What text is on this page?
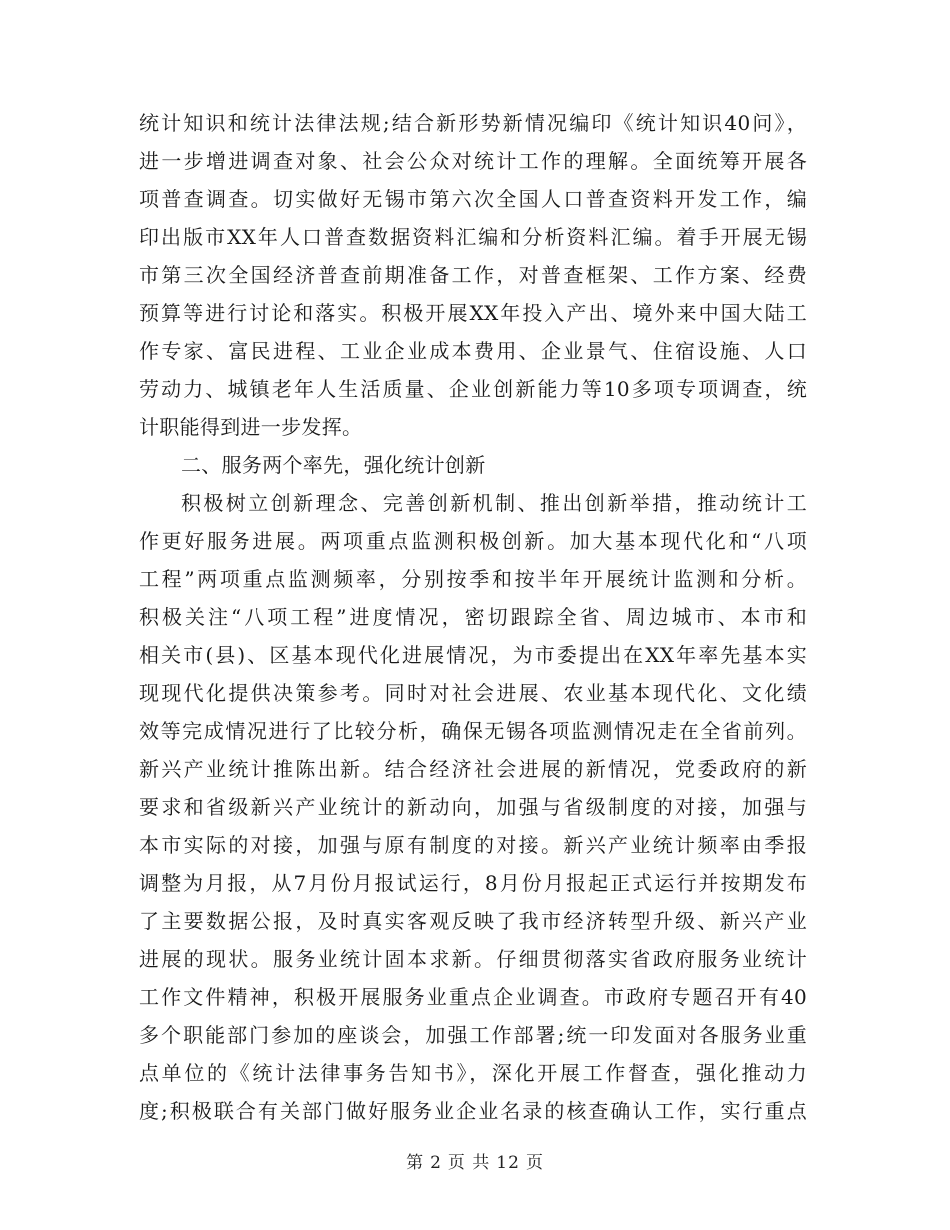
统计知识和统计法律法规;结合新形势新情况编印《统计知识40问》，
进一步增进调查对象、社会公众对统计工作的理解。全面统筹开展各
项普查调查。切实做好无锡市第六次全国人口普查资料开发工作，编
印出版市XX年人口普查数据资料汇编和分析资料汇编。着手开展无锡
市第三次全国经济普查前期准备工作，对普查框架、工作方案、经费
预算等进行讨论和落实。积极开展XX年投入产出、境外来中国大陆工
作专家、富民进程、工业企业成本费用、企业景气、住宿设施、人口
劳动力、城镇老年人生活质量、企业创新能力等10多项专项调查，统
计职能得到进一步发挥。
二、服务两个率先，强化统计创新
积极树立创新理念、完善创新机制、推出创新举措，推动统计工
作更好服务进展。两项重点监测积极创新。加大基本现代化和“八项
工程”两项重点监测频率，分别按季和按半年开展统计监测和分析。
积极关注“八项工程”进度情况，密切跟踪全省、周边城市、本市和
相关市(县)、区基本现代化进展情况，为市委提出在XX年率先基本实
现现代化提供决策参考。同时对社会进展、农业基本现代化、文化绩
效等完成情况进行了比较分析，确保无锡各项监测情况走在全省前列。
新兴产业统计推陈出新。结合经济社会进展的新情况，党委政府的新
要求和省级新兴产业统计的新动向，加强与省级制度的对接，加强与
本市实际的对接，加强与原有制度的对接。新兴产业统计频率由季报
调整为月报，从7月份月报试运行，8月份月报起正式运行并按期发布
了主要数据公报，及时真实客观反映了我市经济转型升级、新兴产业
进展的现状。服务业统计固本求新。仔细贯彻落实省政府服务业统计
工作文件精神，积极开展服务业重点企业调查。市政府专题召开有40
多个职能部门参加的座谈会，加强工作部署;统一印发面对各服务业重
点单位的《统计法律事务告知书》，深化开展工作督查，强化推动力
度;积极联合有关部门做好服务业企业名录的核查确认工作，实行重点
第 2 页 共 12 页
